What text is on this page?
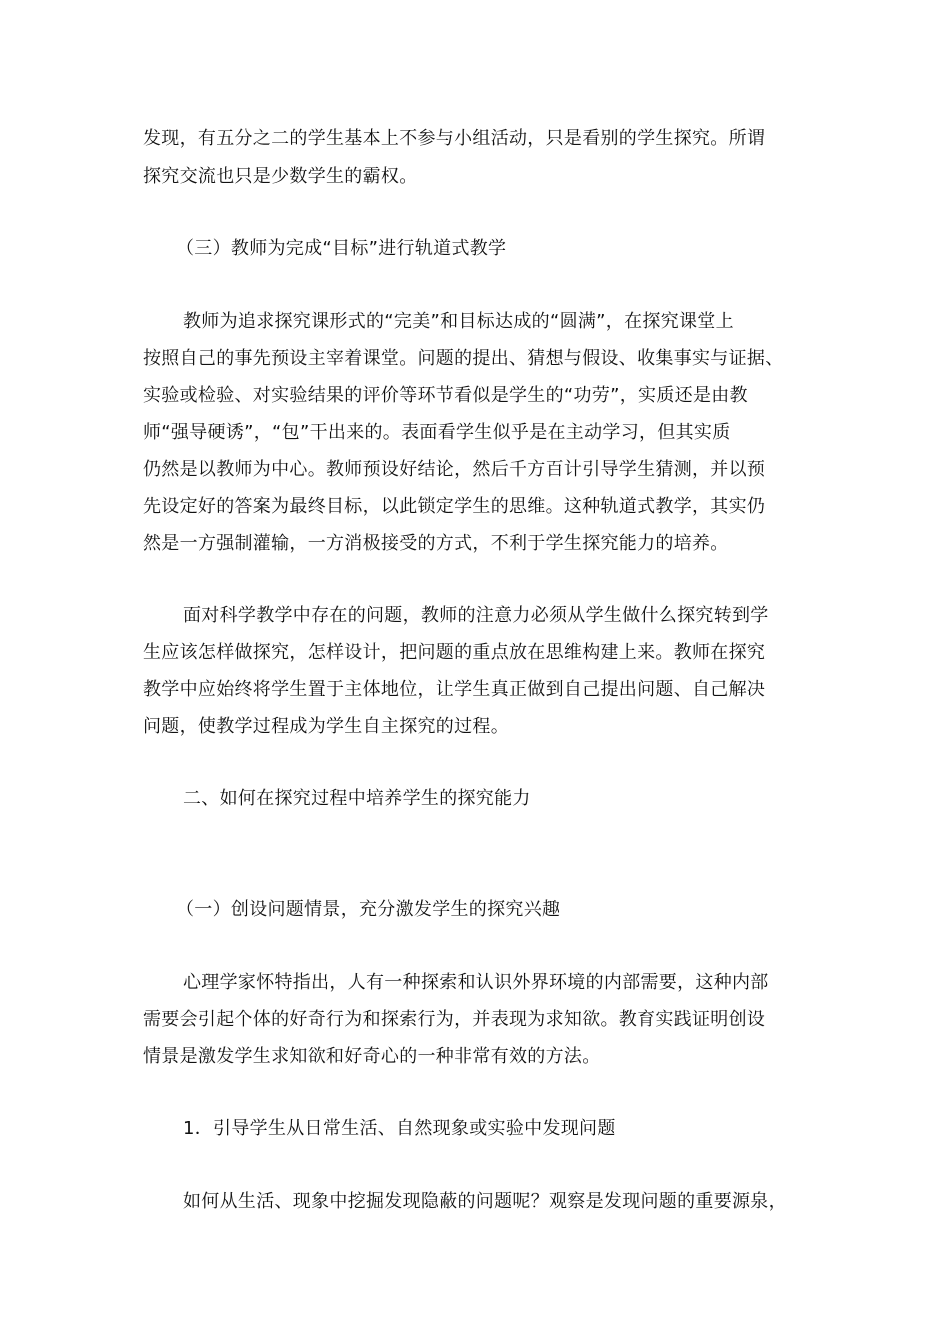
发现，有五分之二的学生基本上不参与小组活动，只是看别的学生探究。所谓
探究交流也只是少数学生的霸权。
（三）教师为完成“目标”进行轨道式教学
教师为追求探究课形式的“完美”和目标达成的“圆满”，在探究课堂上
按照自己的事先预设主宰着课堂。问题的提出、猜想与假设、收集事实与证据、
实验或检验、对实验结果的评价等环节看似是学生的“功劳”，实质还是由教
师“强导硬诱”，“包”干出来的。表面看学生似乎是在主动学习，但其实质
仍然是以教师为中心。教师预设好结论，然后千方百计引导学生猜测，并以预
先设定好的答案为最终目标，以此锁定学生的思维。这种轨道式教学，其实仍
然是一方强制灌输，一方消极接受的方式，不利于学生探究能力的培养。
面对科学教学中存在的问题，教师的注意力必须从学生做什么探究转到学
生应该怎样做探究，怎样设计，把问题的重点放在思维构建上来。教师在探究
教学中应始终将学生置于主体地位，让学生真正做到自己提出问题、自己解决
问题，使教学过程成为学生自主探究的过程。
二、如何在探究过程中培养学生的探究能力
（一）创设问题情景，充分激发学生的探究兴趣
心理学家怀特指出，人有一种探索和认识外界环境的内部需要，这种内部
需要会引起个体的好奇行为和探索行为，并表现为求知欲。教育实践证明创设
情景是激发学生求知欲和好奇心的一种非常有效的方法。
1．引导学生从日常生活、自然现象或实验中发现问题
如何从生活、现象中挖掘发现隐蔽的问题呢？观察是发现问题的重要源泉，
